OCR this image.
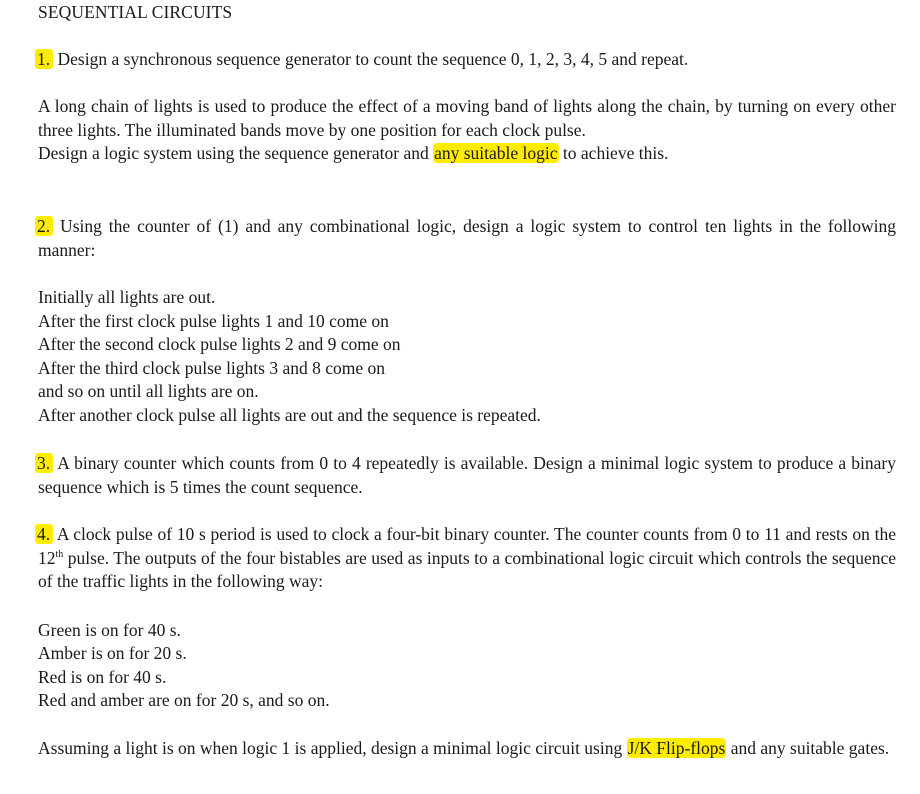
SEQUENTIAL CIRCUITS

1. Design a synchronous sequence generator to count the sequence 0, 1, 2, 3, 4, 5 and repeat.

A long chain of lights is used to produce the effect of a moving band of lights along the chain, by turning on every other three lights. The illuminated bands move by one position for each clock pulse.

Design a logic system using the sequence generator and any suitable logic to achieve this.

2. Using the counter of (1) and any combinational logic, design a logic system to control ten lights in the following manner:

Initially all lights are out.

After the first clock pulse lights 1 and 10 come on

After the second clock pulse lights 2 and 9 come on

After the third clock pulse lights 3 and 8 come on

and so on until all lights are on.

After another clock pulse all lights are out and the sequence is repeated.

3. A binary counter which counts from 0 to 4 repeatedly is available. Design a minimal logic system to produce a binary sequence which is 5 times the count sequence.

4. A clock pulse of 10 s period is used to clock a four-bit binary counter. The counter counts from 0 to 11 and rests on the 12th pulse. The outputs of the four bistables are used as inputs to a combinational logic circuit which controls the sequence of the traffic lights in the following way:

Green is on for 40 s.

Amber is on for 20 s.

Red is on for 40 s.

Red and amber are on for 20 s, and so on.

Assuming a light is on when logic 1 is applied, design a minimal logic circuit using J/K Flip-flops and any suitable gates.
